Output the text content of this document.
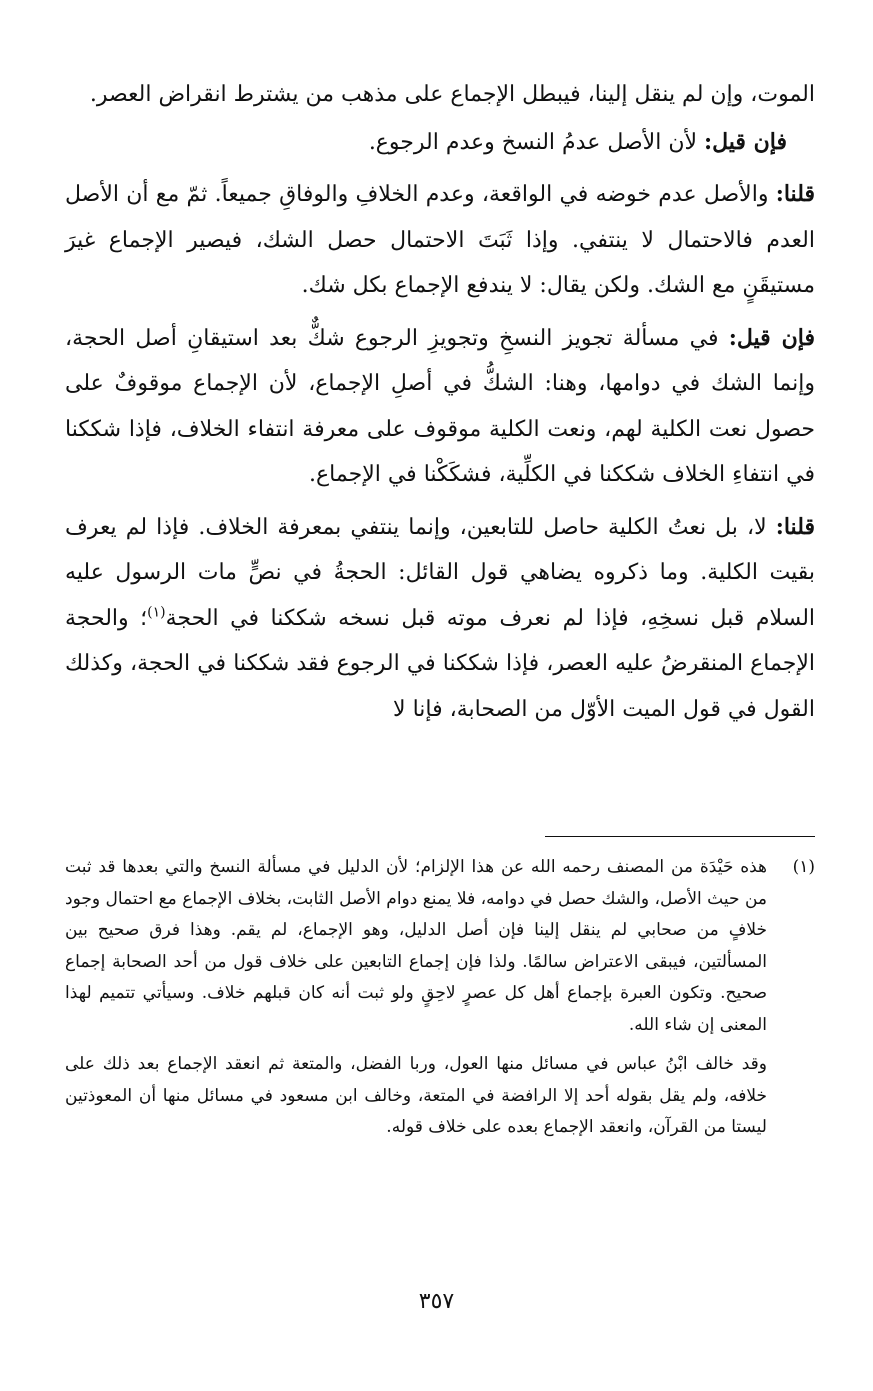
الموت، وإن لم ينقل إلينا، فيبطل الإجماع على مذهب من يشترط انقراض العصر.

فإن قيل: لأن الأصل عدمُ النسخ وعدم الرجوع.

قلنا: والأصل عدم خوضه في الواقعة، وعدم الخلافِ والوفاقِ جميعاً. ثمّ مع أن الأصل العدم فالاحتمال لا ينتفي. وإذا ثَبَتَ الاحتمال حصل الشك، فيصير الإجماع غيرَ مستيقَنٍ مع الشك. ولكن يقال: لا يندفع الإجماع بكل شك.

فإن قيل: في مسألة تجويز النسخِ وتجويزِ الرجوع شكٌّ بعد استيقانِ أصل الحجة، وإنما الشك في دوامها، وهنا: الشكُّ في أصلِ الإجماع، لأن الإجماع موقوفٌ على حصول نعت الكلية لهم، ونعت الكلية موقوف على معرفة انتفاء الخلاف، فإذا شككنا في انتفاءِ الخلاف شككنا في الكلِّية، فشكَكْنا في الإجماع.

قلنا: لا، بل نعتُ الكلية حاصل للتابعين، وإنما ينتفي بمعرفة الخلاف. فإذا لم يعرف بقيت الكلية. وما ذكروه يضاهي قول القائل: الحجةُ في نصٍّ مات الرسول عليه السلام قبل نسخِهِ، فإذا لم نعرف موته قبل نسخه شككنا في الحجة$^{(١)}$؛ والحجة الإجماع المنقرضُ عليه العصر، فإذا شككنا في الرجوع فقد شككنا في الحجة، وكذلك القول في قول الميت الأوّل من الصحابة، فإنا لا

(١)

هذه حَيْدَة من المصنف رحمه الله عن هذا الإلزام؛ لأن الدليل في مسألة النسخ والتي بعدها قد ثبت من حيث الأصل، والشك حصل في دوامه، فلا يمنع دوام الأصل الثابت، بخلاف الإجماع مع احتمال وجود خلافٍ من صحابي لم ينقل إلينا فإن أصل الدليل، وهو الإجماع، لم يقم. وهذا فرق صحيح بين المسألتين، فيبقى الاعتراض سالمًا. ولذا فإن إجماع التابعين على خلاف قول من أحد الصحابة إجماع صحيح. وتكون العبرة بإجماع أهل كل عصرٍ لاحِقٍ ولو ثبت أنه كان قبلهم خلاف. وسيأتي تتميم لهذا المعنى إن شاء الله.

وقد خالف ابْنُ عباس في مسائل منها العول، وربا الفضل، والمتعة ثم انعقد الإجماع بعد ذلك على خلافه، ولم يقل بقوله أحد إلا الرافضة في المتعة، وخالف ابن مسعود في مسائل منها أن المعوذتين ليستا من القرآن، وانعقد الإجماع بعده على خلاف قوله.

٣٥٧
